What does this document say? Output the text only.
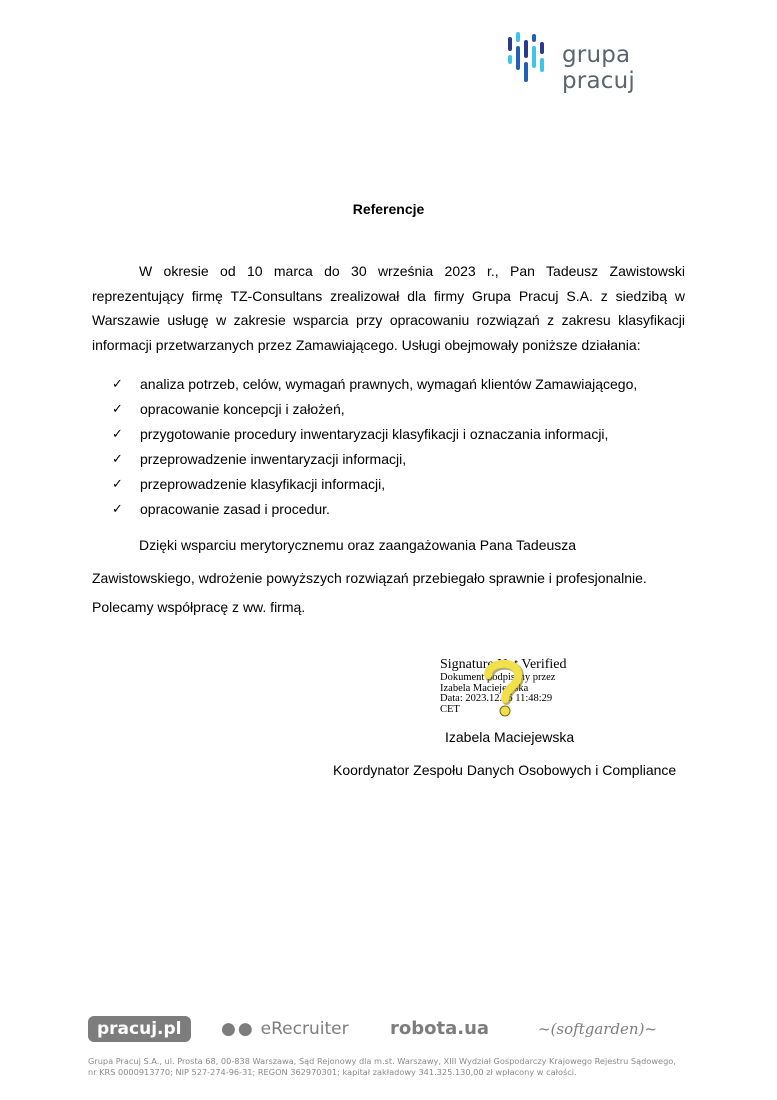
grupa pracuj
Referencje

W okresie od 10 marca do 30 września 2023 r., Pan Tadeusz Zawistowski reprezentujący firmę TZ-Consultans zrealizował dla firmy Grupa Pracuj S.A. z siedzibą w Warszawie usługę w zakresie wsparcia przy opracowaniu rozwiązań z zakresu klasyfikacji informacji przetwarzanych przez Zamawiającego. Usługi obejmowały poniższe działania:

✓ analiza potrzeb, celów, wymagań prawnych, wymagań klientów Zamawiającego,
✓ opracowanie koncepcji i założeń,
✓ przygotowanie procedury inwentaryzacji klasyfikacji i oznaczania informacji,
✓ przeprowadzenie inwentaryzacji informacji,
✓ przeprowadzenie klasyfikacji informacji,
✓ opracowanie zasad i procedur.
Dzięki wsparciu merytorycznemu oraz zaangażowania Pana Tadeusza
Zawistowskiego, wdrożenie powyższych rozwiązań przebiegało sprawnie i profesjonalnie.
Polecamy współpracę z ww. firmą.
Signature Not Verified
Dokument podpisany przez
Izabela Maciejewska
Data: 2023.12.06 11:48:29
CET
Izabela Maciejewska
Koordynator Zespołu Danych Osobowych i Compliance
pracuj.pl	●● eRecruiter robota.ua	~(softgarden)~
Grupa Pracuj S.A., ul. Prosta 68, 00-838 Warszawa, Sąd Rejonowy dla m.st. Warszawy, XIII Wydział Gospodarczy Krajowego Rejestru Sądowego,
nr KRS 0000913770; NIP 527-274-96-31; REGON 362970301; kapitał zakładowy 341.325.130,00 zł wpłacony w całości.
